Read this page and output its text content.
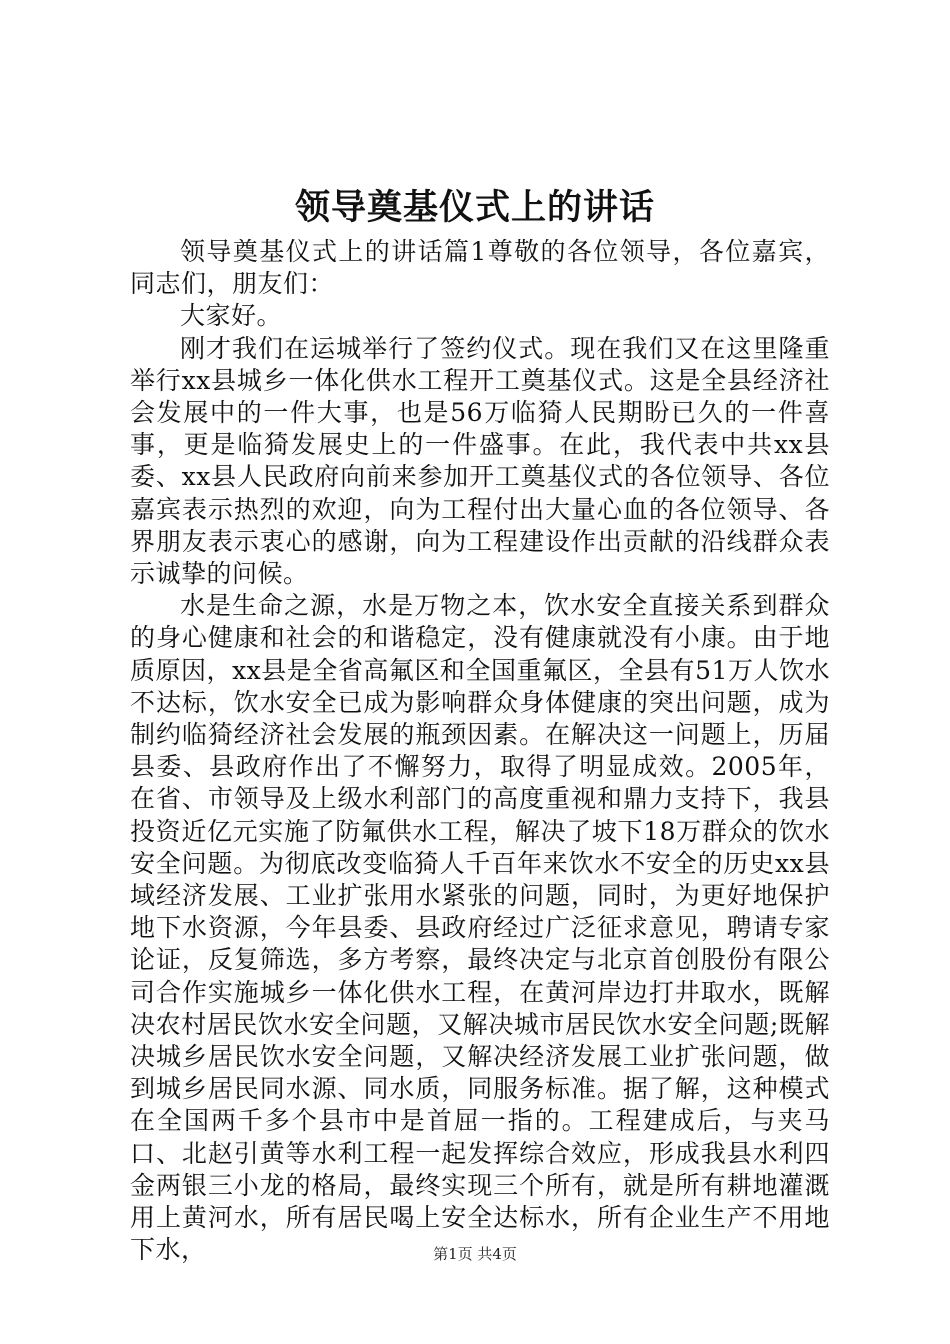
领导奠基仪式上的讲话

领导奠基仪式上的讲话篇1尊敬的各位领导，各位嘉宾，同志们，朋友们：

大家好。

刚才我们在运城举行了签约仪式。现在我们又在这里隆重举行xx县城乡一体化供水工程开工奠基仪式。这是全县经济社会发展中的一件大事，也是56万临猗人民期盼已久的一件喜事，更是临猗发展史上的一件盛事。在此，我代表中共xx县委、xx县人民政府向前来参加开工奠基仪式的各位领导、各位嘉宾表示热烈的欢迎，向为工程付出大量心血的各位领导、各界朋友表示衷心的感谢，向为工程建设作出贡献的沿线群众表示诚挚的问候。

水是生命之源，水是万物之本，饮水安全直接关系到群众的身心健康和社会的和谐稳定，没有健康就没有小康。由于地质原因，xx县是全省高氟区和全国重氟区，全县有51万人饮水不达标，饮水安全已成为影响群众身体健康的突出问题，成为制约临猗经济社会发展的瓶颈因素。在解决这一问题上，历届县委、县政府作出了不懈努力，取得了明显成效。2005年，在省、市领导及上级水利部门的高度重视和鼎力支持下，我县投资近亿元实施了防氟供水工程，解决了坡下18万群众的饮水安全问题。为彻底改变临猗人千百年来饮水不安全的历史xx县域经济发展、工业扩张用水紧张的问题，同时，为更好地保护地下水资源，今年县委、县政府经过广泛征求意见，聘请专家论证，反复筛选，多方考察，最终决定与北京首创股份有限公司合作实施城乡一体化供水工程，在黄河岸边打井取水，既解决农村居民饮水安全问题，又解决城市居民饮水安全问题;既解决城乡居民饮水安全问题，又解决经济发展工业扩张问题，做到城乡居民同水源、同水质，同服务标准。据了解，这种模式在全国两千多个县市中是首屈一指的。工程建成后，与夹马口、北赵引黄等水利工程一起发挥综合效应，形成我县水利四金两银三小龙的格局，最终实现三个所有，就是所有耕地灌溉用上黄河水，所有居民喝上安全达标水，所有企业生产不用地下水，	第1页 共4页
